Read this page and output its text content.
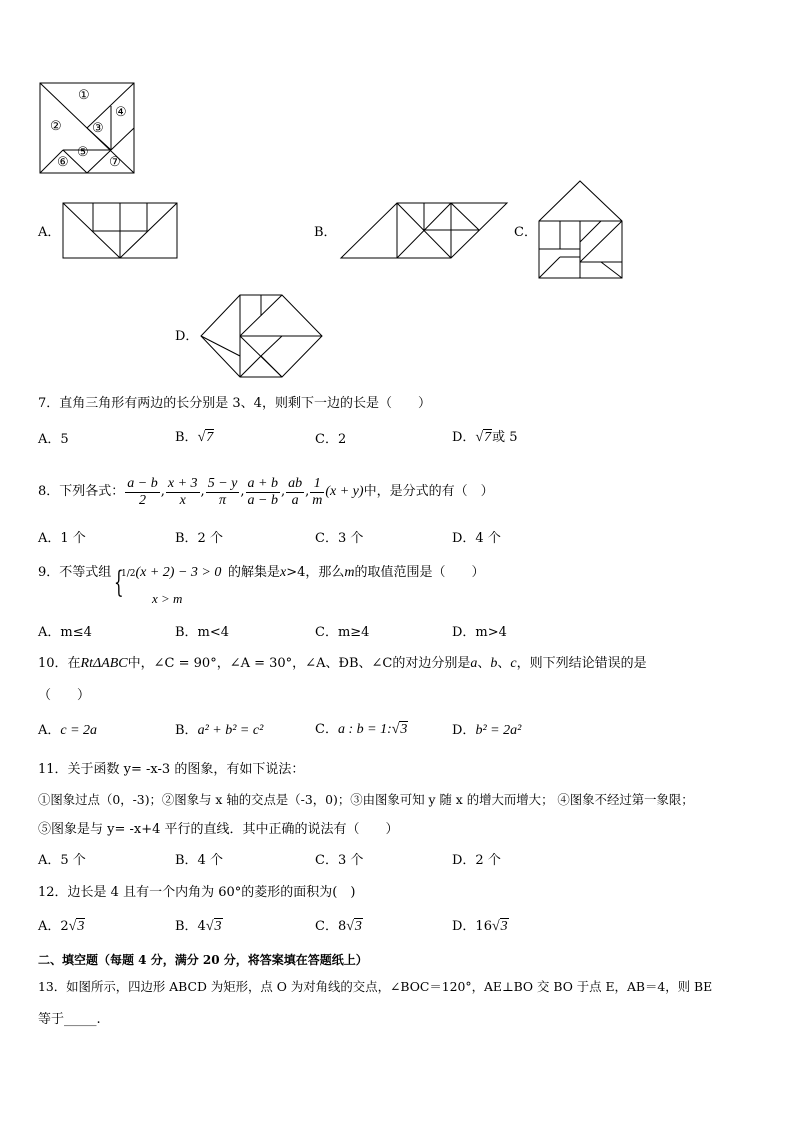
①
② ③
④
⑤
⑥	⑦
A．	B．	C．
D．
7．直角三角形有两边的长分别是 3、4，则剩下一边的长是（　　）
A．5	B．√7	C．2	D．√7或 5
8．下列各式： $\frac{a - b}{2}$ , $\frac{x + 3}{x}$ , $\frac{5 - y}{\pi}$ , $\frac{a + b}{a - b}$ , $\frac{ab}{a}$ , $\frac{1}{m} (x + y)$ 中，是分式的有（　）
A．1 个	B．2 个	C．3 个	D．4 个
9．不等式组 {
1/2(x + 2) − 3 > 0
x > m
的解集是x>4，那么m的取值范围是（　　）
A．m≤4	B．m<4	C．m≥4	D．m>4
10．在RtΔABC中，∠C = 90°，∠A = 30°，∠A、ÐB、∠C的对边分别是a、b、c，则下列结论错误的是
（　　）
A．c = 2a	B．a² + b² = c²	C．a : b = 1:√3	D．b² = 2a²
11．关于函数 y= -x-3 的图象，有如下说法：
①图象过点（0，-3)；②图象与 x 轴的交点是（-3，0)；③由图象可知 y 随 x 的增大而增大； ④图象不经过第一象限；
⑤图象是与 y= -x+4 平行的直线．其中正确的说法有（　　）
A．5 个	B．4 个	C．3 个	D．2 个
12．边长是 4 且有一个内角为 60°的菱形的面积为(　)
A．2√3	B．4√3	C．8√3	D．16√3
二、填空题（每题 4 分，满分 20 分，将答案填在答题纸上）
13．如图所示，四边形 ABCD 为矩形，点 O 为对角线的交点，∠BOC＝120°，AE⊥BO 交 BO 于点 E，AB＝4，则 BE
等于_____.
